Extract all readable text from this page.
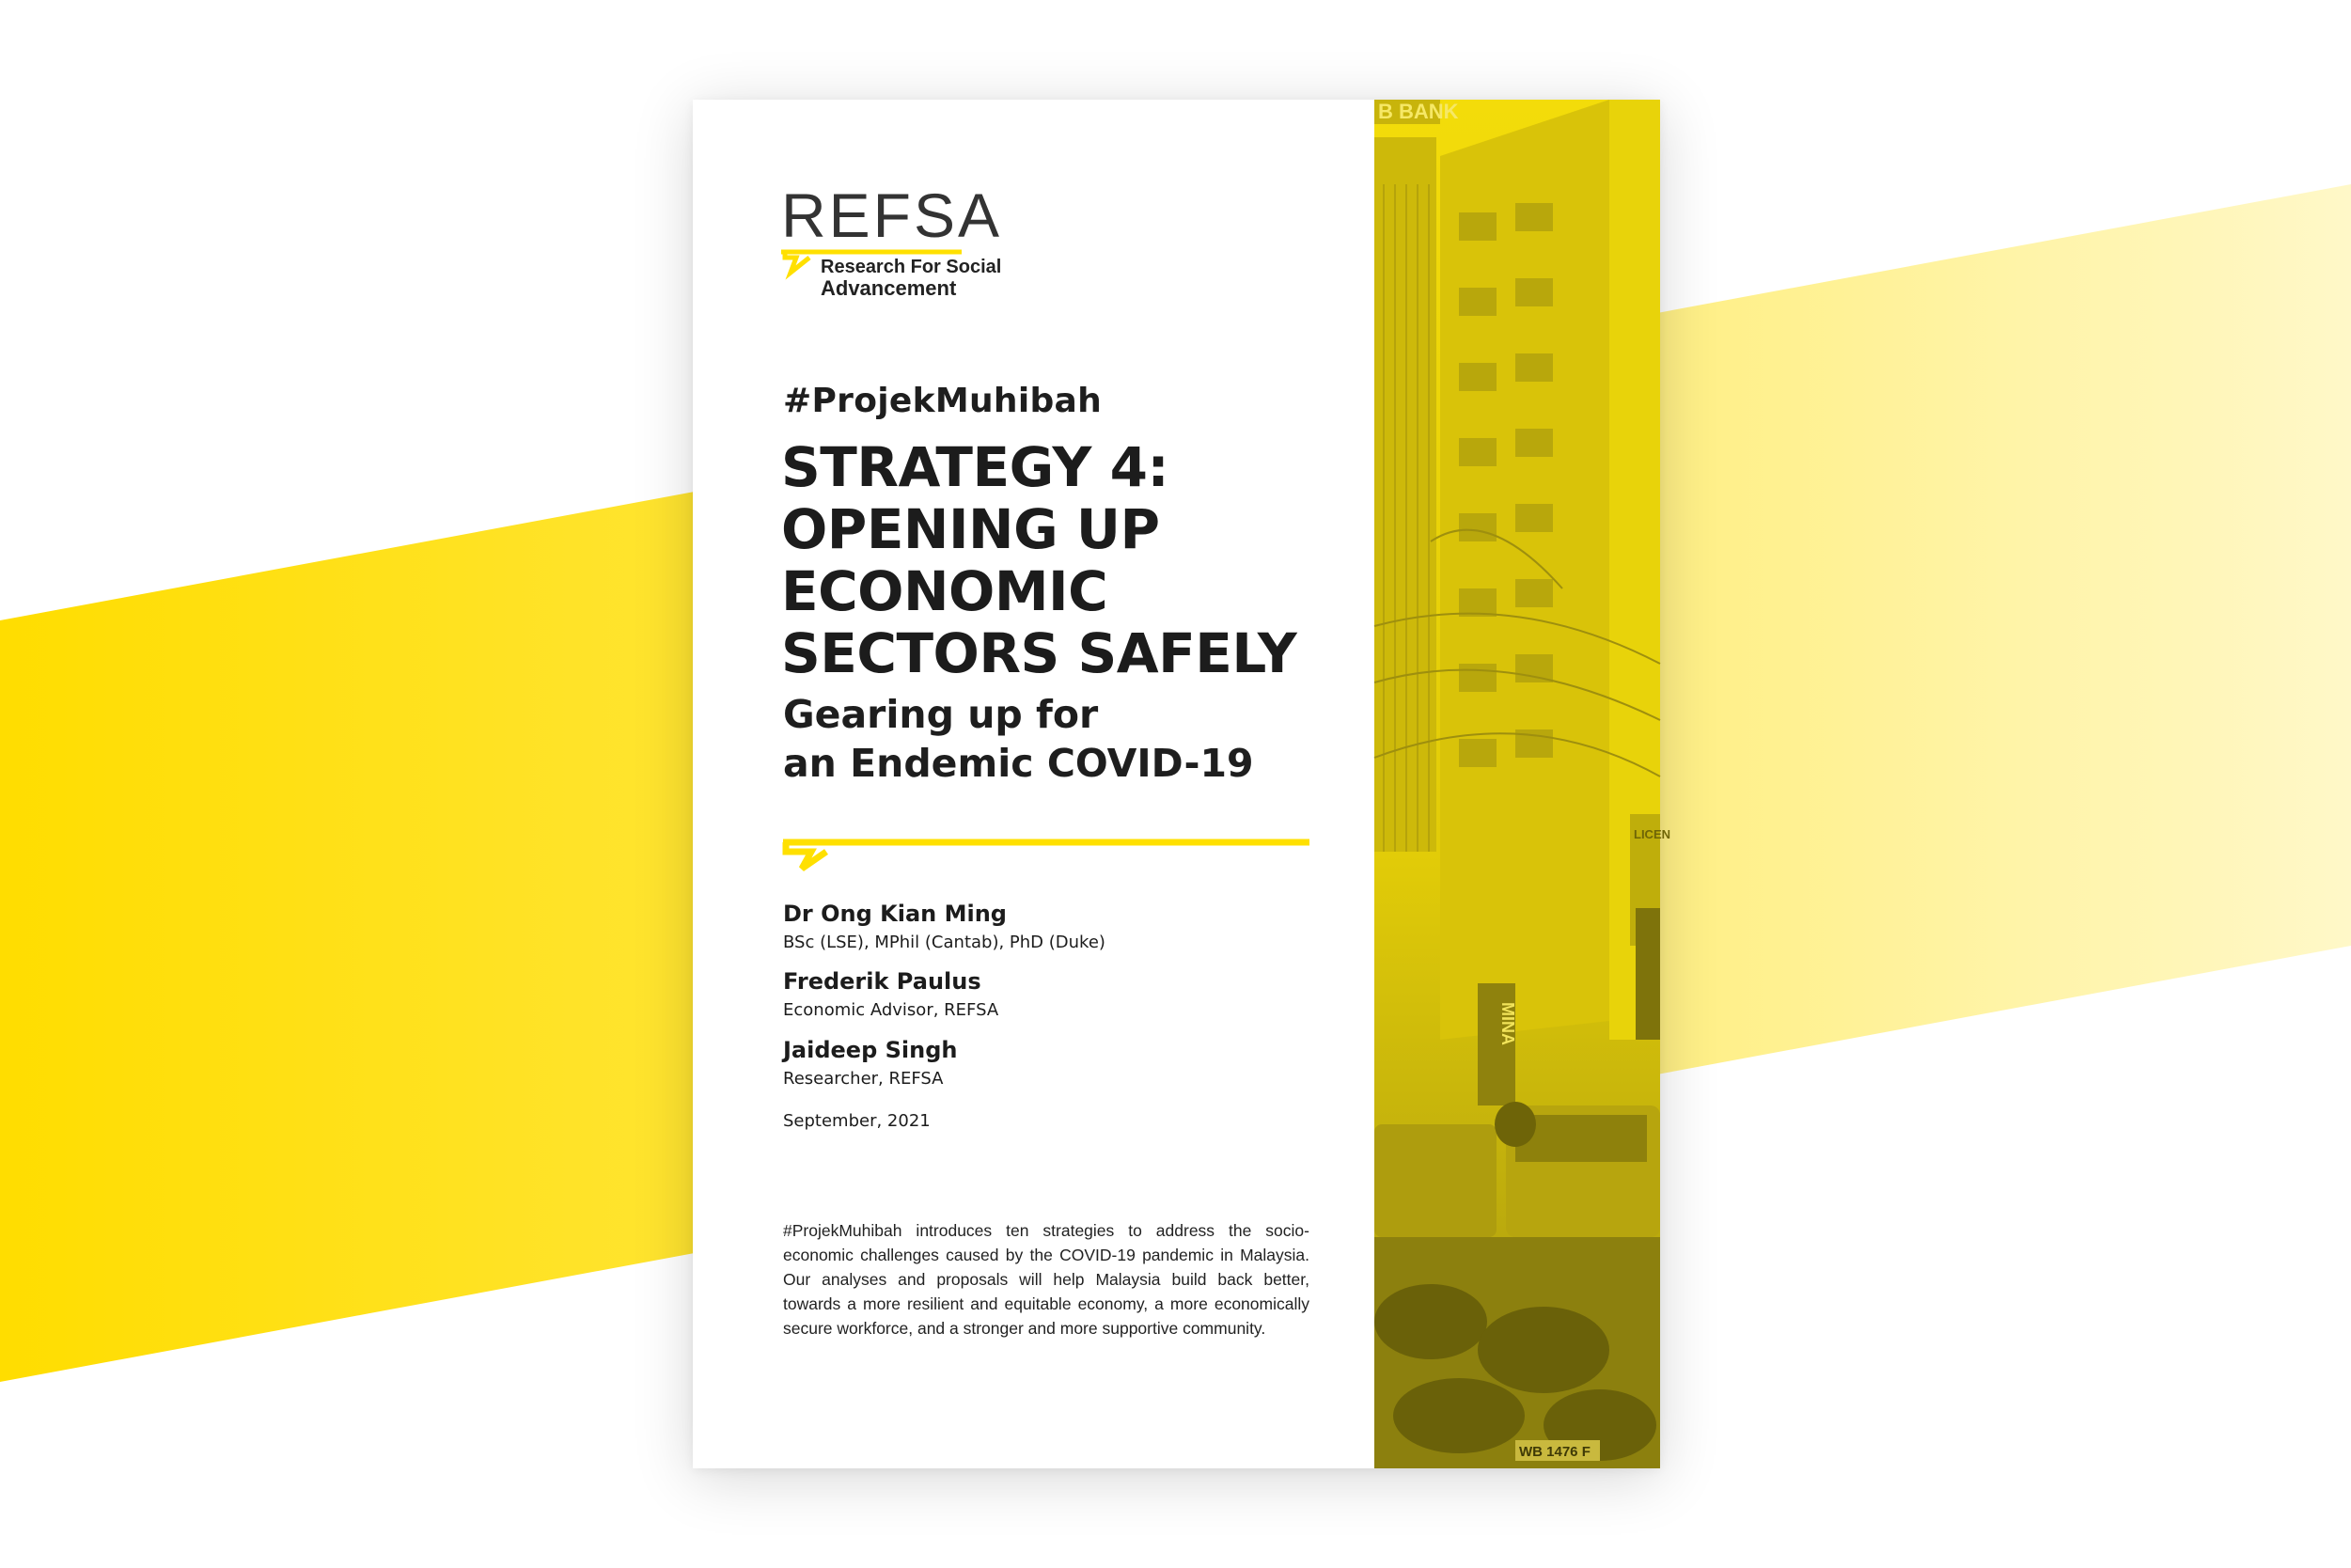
REFSA
Research For Social
Advancement
#ProjekMuhibah
STRATEGY 4:
OPENING UP
ECONOMIC
SECTORS SAFELY
Gearing up for
an Endemic COVID-19
Dr Ong Kian Ming
BSc (LSE), MPhil (Cantab), PhD (Duke)
Frederik Paulus
Economic Advisor, REFSA
Jaideep Singh
Researcher, REFSA
September, 2021

#ProjekMuhibah introduces ten strategies to address the socio-economic challenges caused by the COVID-19 pandemic in Malaysia. Our analyses and proposals will help Malaysia build back better, towards a more resilient and equitable economy, a more economically secure workforce, and a stronger and more supportive community.

B BANK
MINA
LICEN
WB 1476 F
